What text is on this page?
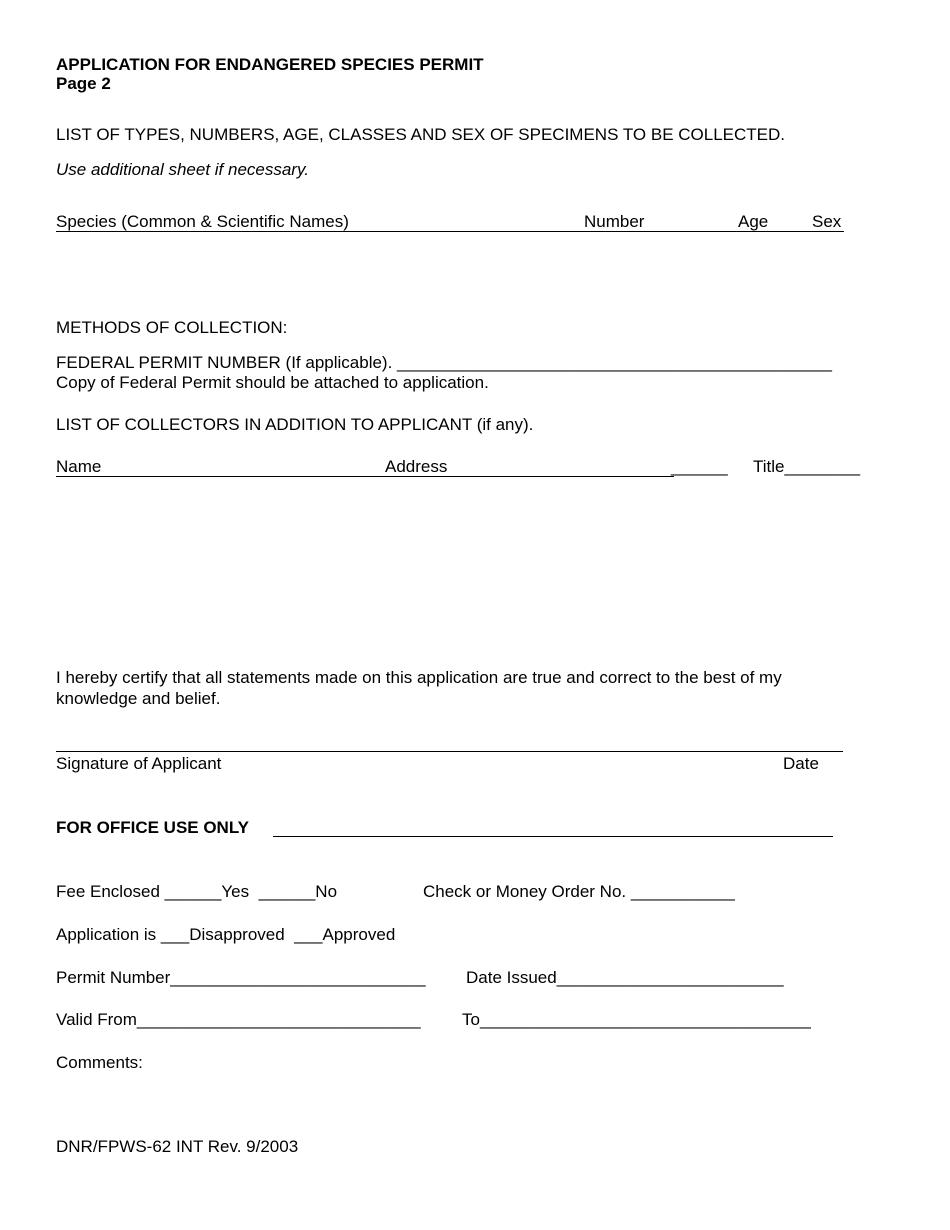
APPLICATION FOR ENDANGERED SPECIES PERMIT
Page 2
LIST OF TYPES, NUMBERS, AGE, CLASSES AND SEX OF SPECIMENS TO BE COLLECTED.
Use additional sheet if necessary.
Species (Common & Scientific Names)	Number	Age	Sex
METHODS OF COLLECTION:
FEDERAL PERMIT NUMBER (If applicable). ______________________________________________
Copy of Federal Permit should be attached to application.
LIST OF COLLECTORS IN ADDITION TO APPLICANT (if any).
Name	Address	______ Title________
I hereby certify that all statements made on this application are true and correct to the best of my
knowledge and belief.
Signature of Applicant	Date
FOR OFFICE USE ONLY
Fee Enclosed ______Yes  ______No	Check or Money Order No. ___________
Application is ___Disapproved  ___Approved
Permit Number___________________________ Date Issued________________________
Valid From______________________________ To___________________________________
Comments:
DNR/FPWS-62 INT Rev. 9/2003
